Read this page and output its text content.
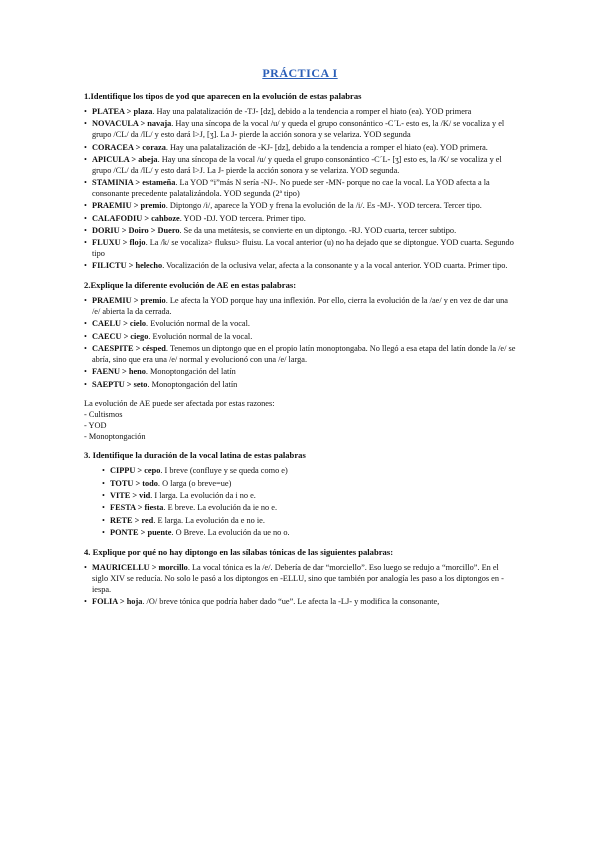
PRÁCTICA I
1.Identifique los tipos de yod que aparecen en la evolución de estas palabras
• PLATEA > plaza. Hay una palatalización de -TJ- [dz], debido a la tendencia a romper el hiato (ea). YOD primera
• NOVACULA > navaja. Hay una síncopa de la vocal /u/ y queda el grupo consonántico -C´L- esto es, la /K/ se vocaliza y el grupo /CL/ da /lL/ y esto dará l>J, [ʒ]. La J- pierde la acción sonora y se velariza. YOD segunda
• CORACEA > coraza. Hay una palatalización de -KJ- [dz], debido a la tendencia a romper el hiato (ea). YOD primera.
• APICULA > abeja. Hay una síncopa de la vocal /u/ y queda el grupo consonántico -C´L- [ʒ] esto es, la /K/ se vocaliza y el grupo /CL/ da /lL/ y esto dará l>J. La J- pierde la acción sonora y se velariza. YOD segunda.
• STAMINIA > estameña. La YOD “i”más N sería -NJ-. No puede ser -MN- porque no cae la vocal. La YOD afecta a la consonante precedente palatalizándola. YOD segunda (2ª tipo)
• PRAEMIU > premio. Diptongo /i/, aparece la YOD y frena la evolución de la /i/. Es -MJ-. YOD tercera. Tercer tipo.
• CALAFODIU > cahboze. YOD -DJ. YOD tercera. Primer tipo.
• DORIU > Doiro > Duero. Se da una metátesis, se convierte en un diptongo. -RJ. YOD cuarta, tercer subtipo.
• FLUXU > flojo. La /k/ se vocaliza> fluksu> fluisu. La vocal anterior (u) no ha dejado que se diptongue. YOD cuarta. Segundo tipo
• FILICTU > helecho. Vocalización de la oclusiva velar, afecta a la consonante y a la vocal anterior. YOD cuarta. Primer tipo.
2.Explique la diferente evolución de AE en estas palabras:
• PRAEMIU > premio. Le afecta la YOD porque hay una inflexión. Por ello, cierra la evolución de la /ae/ y en vez de dar una /e/ abierta la da cerrada.
• CAELU > cielo. Evolución normal de la vocal.
• CAECU > ciego. Evolución normal de la vocal.
• CAESPITE > césped. Tenemos un diptongo que en el propio latín monoptongaba. No llegó a esa etapa del latín donde la /e/ se abría, sino que era una /e/ normal y evolucionó con una /e/ larga.
• FAENU > heno. Monoptongación del latín
• SAEPTU > seto. Monoptongación del latín

La evolución de AE puede ser afectada por estas razones:

- Cultismos

- YOD

- Monoptongación

3. Identifique la duración de la vocal latina de estas palabras
• CIPPU > cepo. I breve (confluye y se queda como e)
• TOTU > todo. O larga (o breve=ue)
• VITE > vid. I larga. La evolución da i no e.
• FESTA > fiesta. E breve. La evolución da ie no e.
• RETE > red. E larga. La evolución da e no ie.
• PONTE > puente. O Breve. La evolución da ue no o.
4. Explique por qué no hay diptongo en las sílabas tónicas de las siguientes palabras:
• MAURICELLU > morcillo. La vocal tónica es la /e/. Debería de dar “morciello”. Eso luego se redujo a “morcillo”. En el siglo XIV se reducía. No solo le pasó a los diptongos en -ELLU, sino que también por analogía les paso a los diptongos en -iespa.
• FOLIA > hoja. /O/ breve tónica que podría haber dado “ue”. Le afecta la -LJ- y modifica la consonante,
